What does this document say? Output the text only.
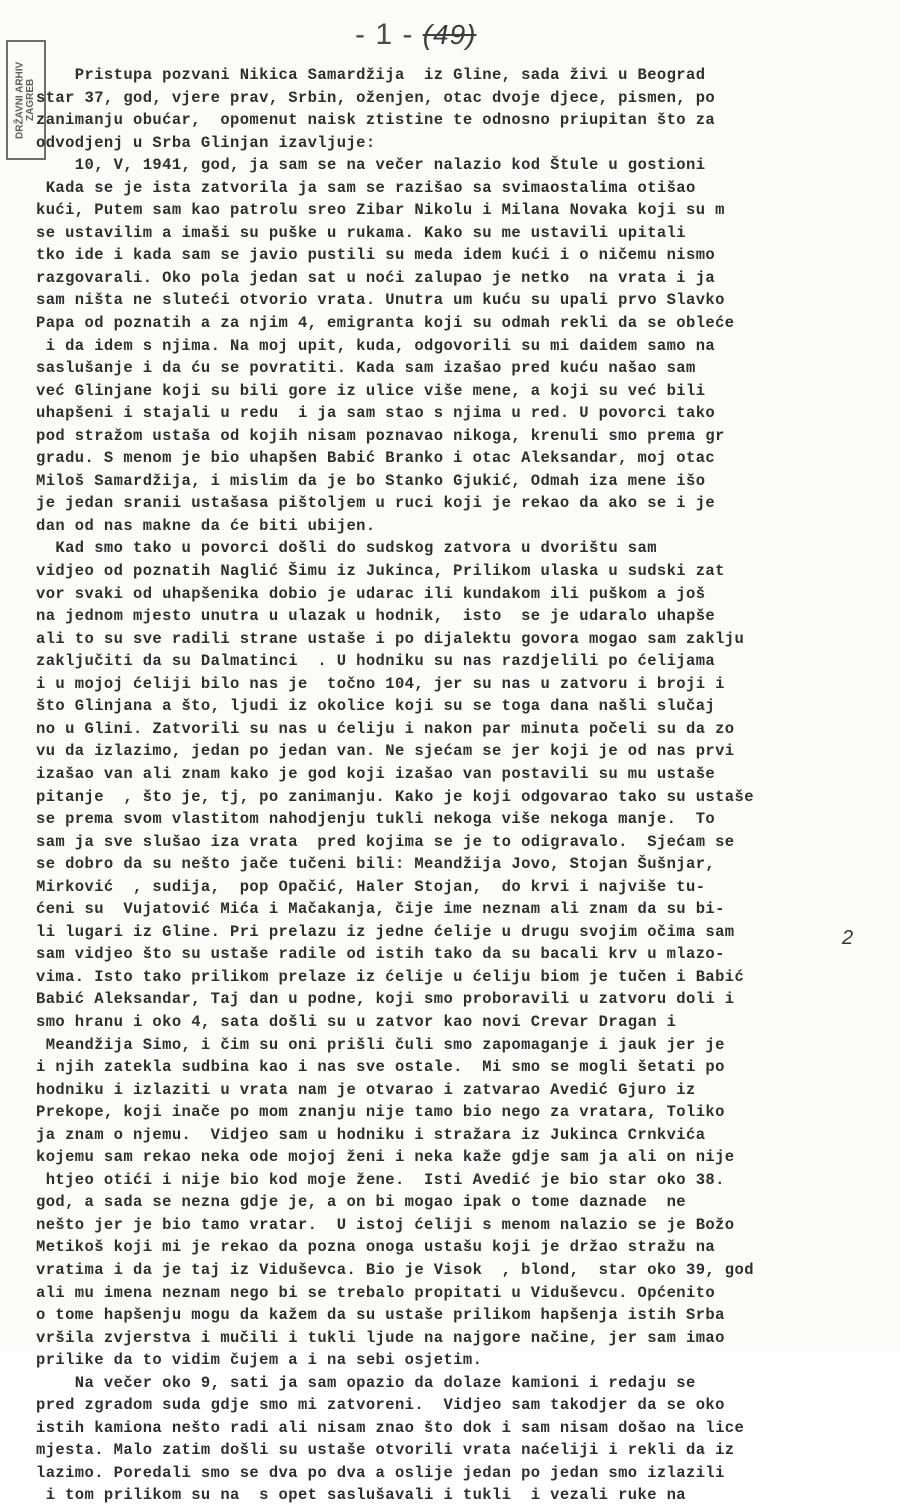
- 1 - (49)
DRŽAVNI ARHIV ZAGREB
Pristupa pozvani Nikica Samardžija  iz Gline, sada živi u Beograd
star 37, god, vjere prav, Srbin, oženjen, otac dvoje djece, pismen, po
zanimanju obućar,  opomenut naisk ztistine te odnosno priupitan što za
odvodjenj u Srba Glinjan izavljuje:
10, V, 1941, god, ja sam se na večer nalazio kod Štule u gostioni
Kada se je ista zatvorila ja sam se razišao sa svimaostalima otišao
kući, Putem sam kao patrolu sreo Zibar Nikolu i Milana Novaka koji su m
se ustavilim a imaši su puške u rukama. Kako su me ustavili upitali
tko ide i kada sam se javio pustili su meda idem kući i o ničemu nismo
razgovarali. Oko pola jedan sat u noći zalupao je netko  na vrata i ja
sam ništa ne sluteći otvorio vrata. Unutra um kuću su upali prvo Slavko
Papa od poznatih a za njim 4, emigranta koji su odmah rekli da se obleće
i da idem s njima. Na moj upit, kuda, odgovorili su mi daidem samo na
saslušanje i da ću se povratiti. Kada sam izašao pred kuću našao sam
već Glinjane koji su bili gore iz ulice više mene, a koji su već bili
uhapšeni i stajali u redu  i ja sam stao s njima u red. U povorci tako
pod stražom ustaša od kojih nisam poznavao nikoga, krenuli smo prema gr
gradu. S menom je bio uhapšen Babić Branko i otac Aleksandar, moj otac
Miloš Samardžija, i mislim da je bo Stanko Gjukić, Odmah iza mene išo
je jedan sranii ustašasa pištoljem u ruci koji je rekao da ako se i je
dan od nas makne da će biti ubijen.
Kad smo tako u povorci došli do sudskog zatvora u dvorištu sam
vidjeo od poznatih Naglić Šimu iz Jukinca, Prilikom ulaska u sudski zat
vor svaki od uhapšenika dobio je udarac ili kundakom ili puškom a još
na jednom mjesto unutra u ulazak u hodnik,  isto  se je udaralo uhapše
ali to su sve radili strane ustaše i po dijalektu govora mogao sam zaklju
zaključiti da su Dalmatinci  . U hodniku su nas razdjelili po ćelijama
i u mojoj ćeliji bilo nas je  točno 104, jer su nas u zatvoru i broji i
što Glinjana a što, ljudi iz okolice koji su se toga dana našli slučaj
no u Glini. Zatvorili su nas u ćeliju i nakon par minuta počeli su da zo
vu da izlazimo, jedan po jedan van. Ne sjećam se jer koji je od nas prvi
izašao van ali znam kako je god koji izašao van postavili su mu ustaše
pitanje  , što je, tj, po zanimanju. Kako je koji odgovarao tako su ustaše
se prema svom vlastitom nahodjenju tukli nekoga više nekoga manje.  To
sam ja sve slušao iza vrata  pred kojima se je to odigravalo.  Sjećam se
se dobro da su nešto jače tučeni bili: Meandžija Jovo, Stojan Šušnjar,
Mirković  , sudija,  pop Opačić, Haler Stojan,  do krvi i najviše tu-
ćeni su  Vujatović Mića i Mačakanja, čije ime neznam ali znam da su bi-
li lugari iz Gline. Pri prelazu iz jedne ćelije u drugu svojim očima sam
sam vidjeo što su ustaše radile od istih tako da su bacali krv u mlazo-
vima. Isto tako prilikom prelaze iz ćelije u ćeliju biom je tučen i Babić
Babić Aleksandar, Taj dan u podne, koji smo proboravili u zatvoru doli i
smo hranu i oko 4, sata došli su u zatvor kao novi Crevar Dragan i
Meandžija Simo, i čim su oni prišli čuli smo zapomaganje i jauk jer je
i njih zatekla sudbina kao i nas sve ostale.  Mi smo se mogli šetati po
hodniku i izlaziti u vrata nam je otvarao i zatvarao Avedić Gjuro iz
Prekope, koji inače po mom znanju nije tamo bio nego za vratara, Toliko
ja znam o njemu.  Vidjeo sam u hodniku i stražara iz Jukinca Crnkvića
kojemu sam rekao neka ode mojoj ženi i neka kaže gdje sam ja ali on nije
htjeo otići i nije bio kod moje žene.  Isti Avedić je bio star oko 38.
god, a sada se nezna gdje je, a on bi mogao ipak o tome daznade  ne
nešto jer je bio tamo vratar.  U istoj ćeliji s menom nalazio se je Božo
Metikoš koji mi je rekao da pozna onoga ustašu koji je držao stražu na
vratima i da je taj iz Viduševca. Bio je Visok  , blond,  star oko 39, god
ali mu imena neznam nego bi se trebalo propitati u Viduševcu. Općenito
o tome hapšenju mogu da kažem da su ustaše prilikom hapšenja istih Srba
vršila zvjerstva i mučili i tukli ljude na najgore načine, jer sam imao
prilike da to vidim čujem a i na sebi osjetim.
Na večer oko 9, sati ja sam opazio da dolaze kamioni i redaju se
pred zgradom suda gdje smo mi zatvoreni.  Vidjeo sam takodjer da se oko
istih kamiona nešto radi ali nisam znao što dok i sam nisam došao na lice
mjesta. Malo zatim došli su ustaše otvorili vrata naćeliji i rekli da iz
lazimo. Poredali smo se dva po dva a oslije jedan po jedan smo izlazili
i tom prilikom su na  s opet saslušavali i tukli  i vezali ruke na
2
